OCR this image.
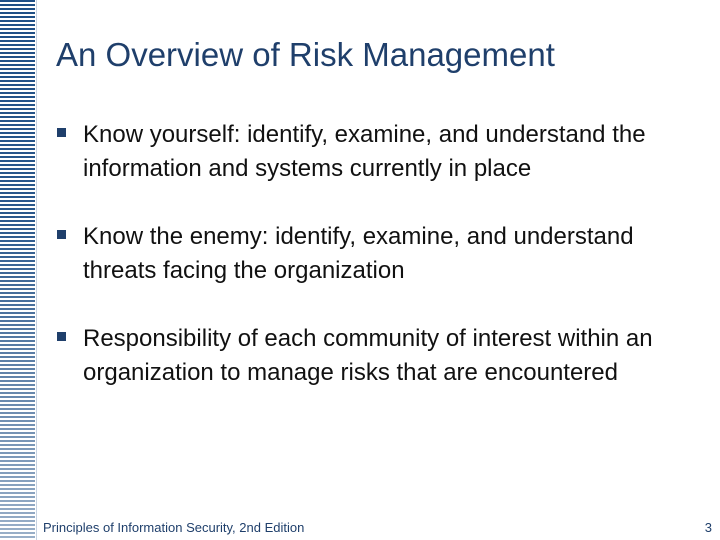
An Overview of Risk Management
Know yourself: identify, examine, and understand the information and systems currently in place
Know the enemy: identify, examine, and understand threats facing the organization
Responsibility of each community of interest within an organization to manage risks that are encountered
Principles of Information Security, 2nd Edition	3
